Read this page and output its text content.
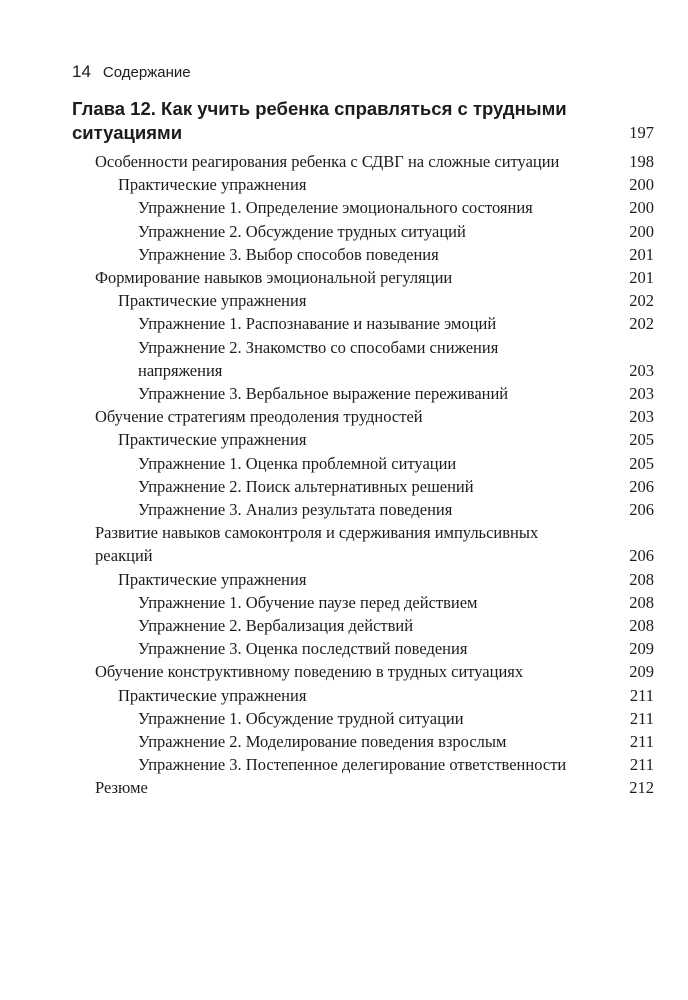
14 Содержание
Глава 12. Как учить ребенка справляться с трудными ситуациями	197
Особенности реагирования ребенка с СДВГ на сложные ситуации	198
Практические упражнения	200
Упражнение 1. Определение эмоционального состояния	200
Упражнение 2. Обсуждение трудных ситуаций	200
Упражнение 3. Выбор способов поведения	201
Формирование навыков эмоциональной регуляции	201
Практические упражнения	202
Упражнение 1. Распознавание и называние эмоций	202
Упражнение 2. Знакомство со способами снижения напряжения	203
Упражнение 3. Вербальное выражение переживаний	203
Обучение стратегиям преодоления трудностей	203
Практические упражнения	205
Упражнение 1. Оценка проблемной ситуации	205
Упражнение 2. Поиск альтернативных решений	206
Упражнение 3. Анализ результата поведения	206
Развитие навыков самоконтроля и сдерживания импульсивных реакций	206
Практические упражнения	208
Упражнение 1. Обучение паузе перед действием	208
Упражнение 2. Вербализация действий	208
Упражнение 3. Оценка последствий поведения	209
Обучение конструктивному поведению в трудных ситуациях	209
Практические упражнения	211
Упражнение 1. Обсуждение трудной ситуации	211
Упражнение 2. Моделирование поведения взрослым	211
Упражнение 3. Постепенное делегирование ответственности	211
Резюме	212
